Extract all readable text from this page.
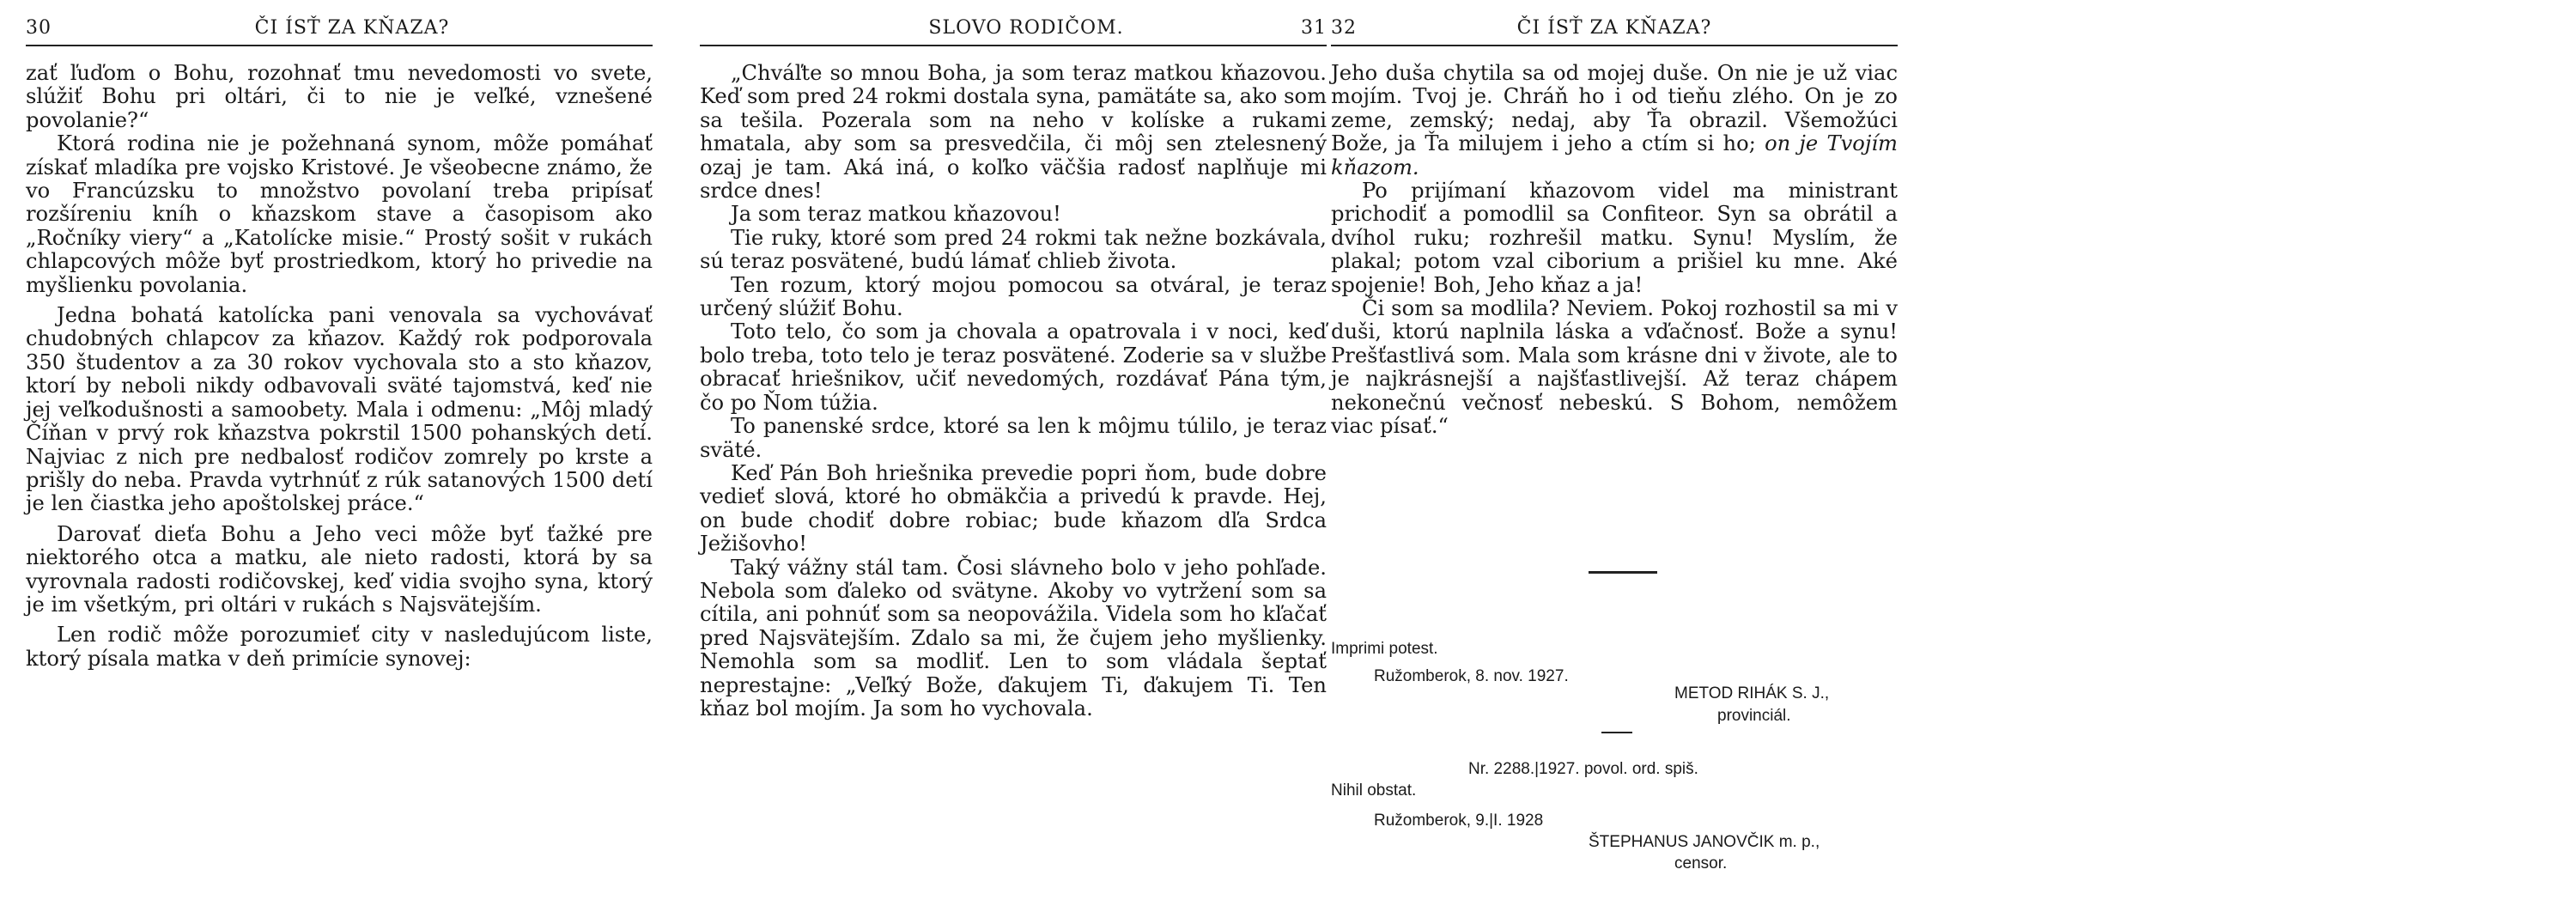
30	ČI ÍSŤ ZA KŇAZA?

zať ľuďom o Bohu, rozohnať tmu nevedomosti vo svete, slúžiť Bohu pri oltári, či to nie je veľké, vznešené povolanie?“

Ktorá rodina nie je požehnaná synom, môže pomáhať získať mladíka pre vojsko Kristové. Je všeobecne známo, že vo Francúzsku to množstvo povolaní treba pripísať rozšíreniu kníh o kňazskom stave a časopisom ako „Ročníky viery“ a „Katolícke misie.“ Prostý sošit v rukách chlapcových môže byť prostriedkom, ktorý ho privedie na myšlienku povolania.

Jedna bohatá katolícka pani venovala sa vychovávať chudobných chlapcov za kňazov. Každý rok podporovala 350 študentov a za 30 rokov vychovala sto a sto kňazov, ktorí by neboli nikdy odbavovali sväté tajomstvá, keď nie jej veľkodušnosti a samoobety. Mala i odmenu: „Môj mladý Číňan v prvý rok kňazstva pokrstil 1500 pohanských detí. Najviac z nich pre nedbalosť rodičov zomrely po krste a prišly do neba. Pravda vytrhnúť z rúk satanových 1500 detí je len čiastka jeho apoštolskej práce.“

Darovať dieťa Bohu a Jeho veci môže byť ťažké pre niektorého otca a matku, ale nieto radosti, ktorá by sa vyrovnala radosti rodičovskej, keď vidia svojho syna, ktorý je im všetkým, pri oltári v rukách s Najsvätejším.

Len rodič môže porozumieť city v nasledujúcom liste, ktorý písala matka v deň primície synovej:

SLOVO RODIČOM.	31

„Chváľte so mnou Boha, ja som teraz matkou kňazovou. Keď som pred 24 rokmi dostala syna, pamätáte sa, ako som sa tešila. Pozerala som na neho v kolíske a rukami hmatala, aby som sa presvedčila, či môj sen ztelesnený ozaj je tam. Aká iná, o koľko väčšia radosť naplňuje mi srdce dnes!

Ja som teraz matkou kňazovou!

Tie ruky, ktoré som pred 24 rokmi tak nežne bozkávala, sú teraz posvätené, budú lámať chlieb života.

Ten rozum, ktorý mojou pomocou sa otváral, je teraz určený slúžiť Bohu.

Toto telo, čo som ja chovala a opatrovala i v noci, keď bolo treba, toto telo je teraz posvätené. Zoderie sa v službe obracať hriešnikov, učiť nevedomých, rozdávať Pána tým, čo po Ňom túžia.

To panenské srdce, ktoré sa len k môjmu túlilo, je teraz sväté.

Keď Pán Boh hriešnika prevedie popri ňom, bude dobre vedieť slová, ktoré ho obmäkčia a privedú k pravde. Hej, on bude chodiť dobre robiac; bude kňazom dľa Srdca Ježišovho!

Taký vážny stál tam. Čosi slávneho bolo v jeho pohľade. Nebola som ďaleko od svätyne. Akoby vo vytržení som sa cítila, ani pohnúť som sa neopovážila. Videla som ho kľačať pred Najsvätejším. Zdalo sa mi, že čujem jeho myšlienky. Nemohla som sa modliť. Len to som vládala šeptať neprestajne: „Veľký Bože, ďakujem Ti, ďakujem Ti. Ten kňaz bol mojím. Ja som ho vychovala.

32	ČI ÍSŤ ZA KŇAZA?

Jeho duša chytila sa od mojej duše. On nie je už viac mojím. Tvoj je. Chráň ho i od tieňu zlého. On je zo zeme, zemský; nedaj, aby Ťa obrazil. Všemožúci Bože, ja Ťa milujem i jeho a ctím si ho; on je Tvojím kňazom.

Po prijímaní kňazovom videl ma ministrant prichodiť a pomodlil sa Confiteor. Syn sa obrátil a dvíhol ruku; rozhrešil matku. Synu! Myslím, že plakal; potom vzal ciborium a prišiel ku mne. Aké spojenie! Boh, Jeho kňaz a ja!

Či som sa modlila? Neviem. Pokoj rozhostil sa mi v duši, ktorú naplnila láska a vďačnosť. Bože a synu! Prešťastlivá som. Mala som krásne dni v živote, ale to je najkrásnejší a najšťastlivejší. Až teraz chápem nekonečnú večnosť nebeskú. S Bohom, nemôžem viac písať.“

Imprimi potest.
Ružomberok, 8. nov. 1927.
METOD RIHÁK S. J.,
provinciál.
Nr. 2288.|1927. povol. ord. spiš.
Nihil obstat.
Ružomberok, 9.|I. 1928
ŠTEPHANUS JANOVČIK m. p.,
censor.
